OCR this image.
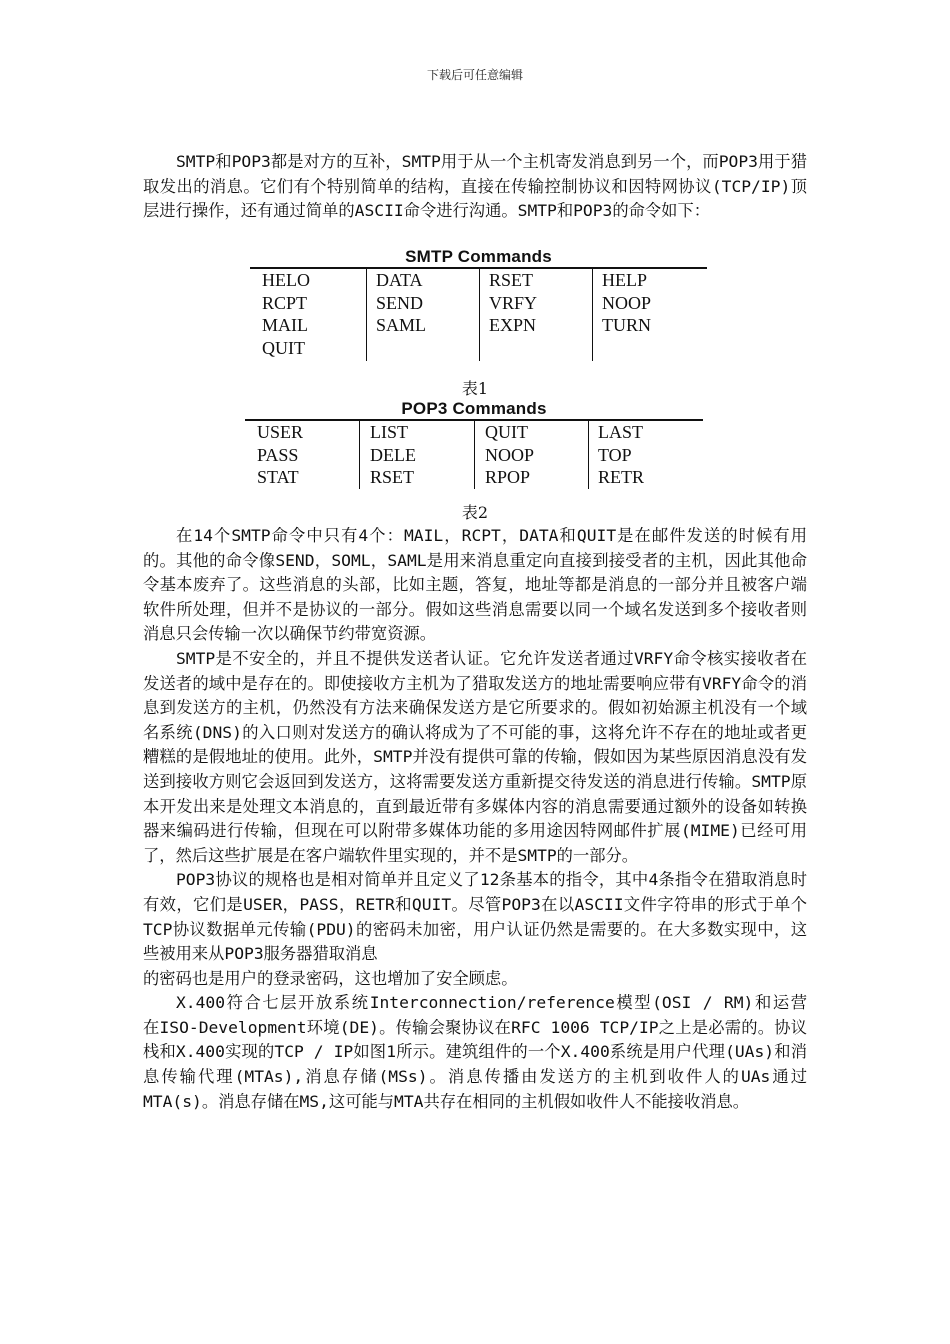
下载后可任意编辑

SMTP和POP3都是对方的互补，SMTP用于从一个主机寄发消息到另一个，而POP3用于猎取发出的消息。它们有个特别简单的结构，直接在传输控制协议和因特网协议(TCP/IP)顶层进行操作，还有通过简单的ASCII命令进行沟通。SMTP和POP3的命令如下：

SMTP Commands
HELO
RCPT
MAIL
QUIT
DATA
SEND
SAML
RSET
VRFY
EXPN
HELP
NOOP
TURN
表1
POP3 Commands
USER
PASS
STAT
LIST
DELE
RSET
QUIT
NOOP
RPOP
LAST
TOP
RETR
表2

在14个SMTP命令中只有4个：MAIL，RCPT，DATA和QUIT是在邮件发送的时候有用的。其他的命令像SEND，SOML，SAML是用来消息重定向直接到接受者的主机，因此其他命令基本废弃了。这些消息的头部，比如主题，答复，地址等都是消息的一部分并且被客户端软件所处理，但并不是协议的一部分。假如这些消息需要以同一个域名发送到多个接收者则 消息只会传输一次以确保节约带宽资源。

SMTP是不安全的，并且不提供发送者认证。它允许发送者通过VRFY命令核实接收者在发送者的域中是存在的。即使接收方主机为了猎取发送方的地址需要响应带有VRFY命令的消息到发送方的主机，仍然没有方法来确保发送方是它所要求的。假如初始源主机没有一个域名系统(DNS)的入口则对发送方的确认将成为了不可能的事，这将允许不存在的地址或者更糟糕的是假地址的使用。此外，SMTP并没有提供可靠的传输，假如因为某些原因消息没有发送到接收方则它会返回到发送方，这将需要发送方重新提交待发送的消息进行传输。SMTP原本开发出来是处理文本消息的，直到最近带有多媒体内容的消息需要通过额外的设备如转换器来编码进行传输，但现在可以附带多媒体功能的多用途因特网邮件扩展(MIME)已经可用了，然后这些扩展是在客户端软件里实现的，并不是SMTP的一部分。

POP3协议的规格也是相对简单并且定义了12条基本的指令，其中4条指令在猎取消息时有效，它们是USER，PASS，RETR和QUIT。尽管POP3在以ASCII文件字符串的形式于单个TCP协议数据单元传输(PDU)的密码未加密，用户认证仍然是需要的。在大多数实现中，这些被用来从POP3服务器猎取消息

的密码也是用户的登录密码，这也增加了安全顾虑。

X.400符合七层开放系统Interconnection/reference模型(OSI / RM)和运营　　在ISO-Development环境(DE)。传输会聚协议在RFC 1006 TCP/IP之上是必需的。协议栈和X.400实现的TCP / IP如图1所示。建筑组件的一个X.400系统是用户代理(UAs)和消息传输代理(MTAs),消息存储(MSs)。消息传播由发送方的主机到收件人的UAs通过MTA(s)。消息存储在MS,这可能与MTA共存在相同的主机假如收件人不能接收消息。
